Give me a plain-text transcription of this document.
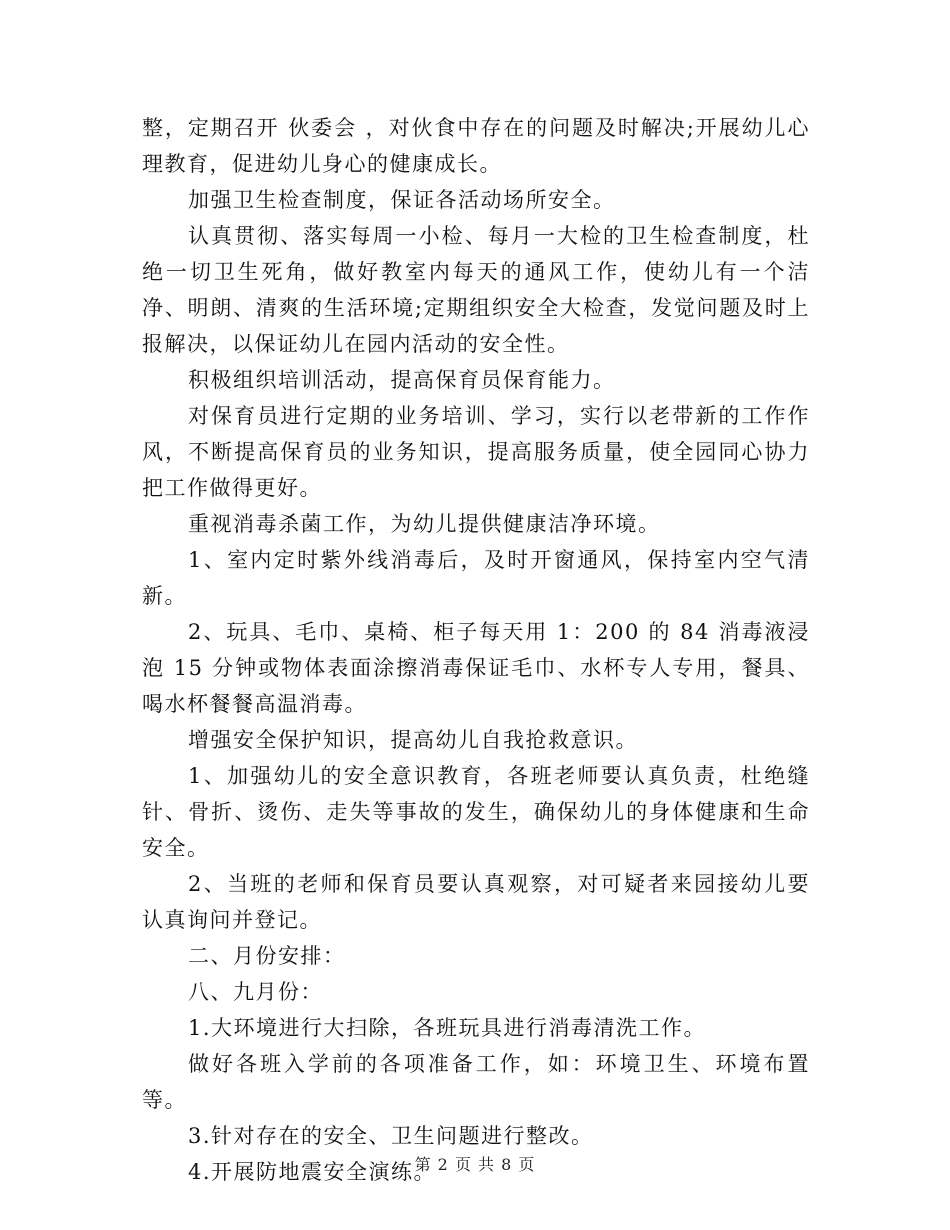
整，定期召开 伙委会 ，对伙食中存在的问题及时解决;开展幼儿心理教育，促进幼儿身心的健康成长。

加强卫生检查制度，保证各活动场所安全。

认真贯彻、落实每周一小检、每月一大检的卫生检查制度，杜绝一切卫生死角，做好教室内每天的通风工作，使幼儿有一个洁净、明朗、清爽的生活环境;定期组织安全大检查，发觉问题及时上报解决，以保证幼儿在园内活动的安全性。

积极组织培训活动，提高保育员保育能力。

对保育员进行定期的业务培训、学习，实行以老带新的工作作风，不断提高保育员的业务知识，提高服务质量，使全园同心协力把工作做得更好。

重视消毒杀菌工作，为幼儿提供健康洁净环境。

1、室内定时紫外线消毒后，及时开窗通风，保持室内空气清新。

2、玩具、毛巾、桌椅、柜子每天用 1：200 的 84 消毒液浸泡 15 分钟或物体表面涂擦消毒保证毛巾、水杯专人专用，餐具、喝水杯餐餐高温消毒。

增强安全保护知识，提高幼儿自我抢救意识。

1、加强幼儿的安全意识教育，各班老师要认真负责，杜绝缝针、骨折、烫伤、走失等事故的发生，确保幼儿的身体健康和生命安全。

2、当班的老师和保育员要认真观察，对可疑者来园接幼儿要认真询问并登记。

二、月份安排：

八、九月份：

1.大环境进行大扫除，各班玩具进行消毒清洗工作。

做好各班入学前的各项准备工作，如：环境卫生、环境布置等。

3.针对存在的安全、卫生问题进行整改。

4.开展防地震安全演练。

第 2 页 共 8 页
